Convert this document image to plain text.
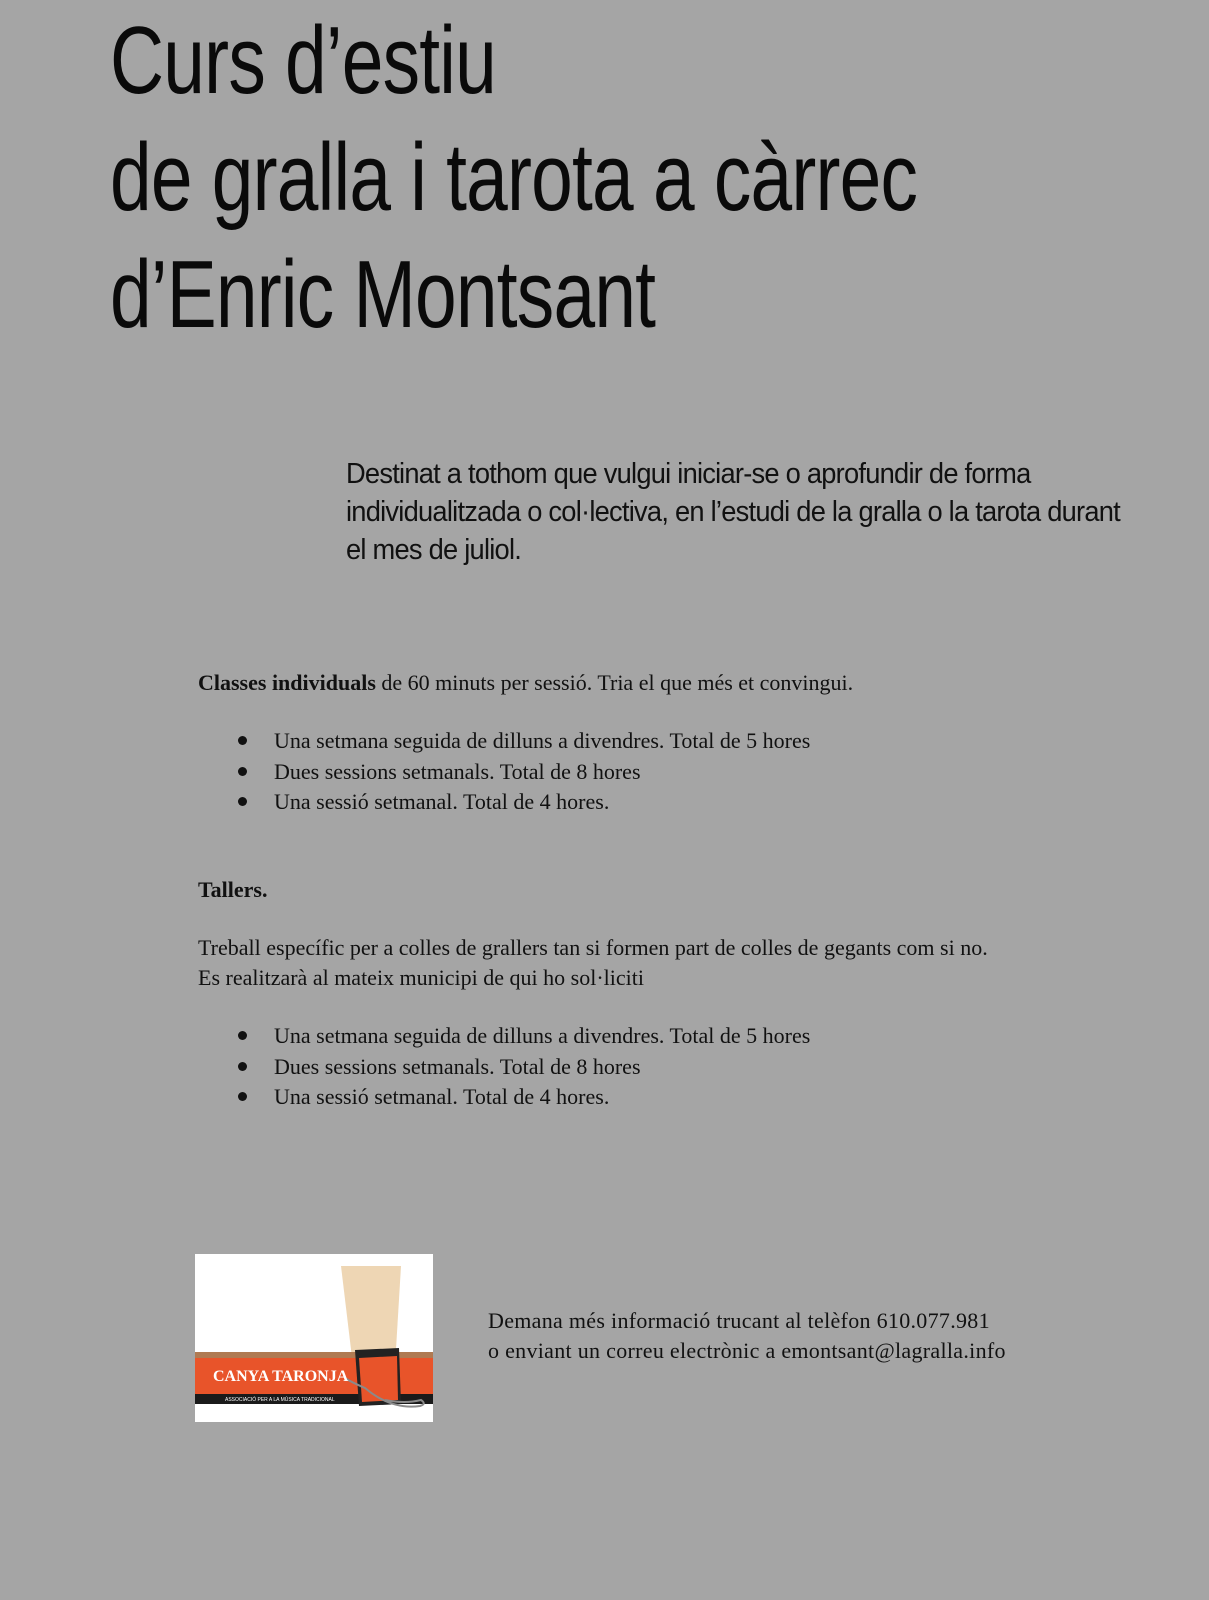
Curs d’estiu
de gralla i tarota a càrrec
d’Enric Montsant

Destinat a tothom que vulgui iniciar-se o aprofundir de forma individualitzada o col·lectiva, en l’estudi de la gralla o la tarota durant el mes de juliol.

Classes individuals de 60 minuts per sessió. Tria el que més et convingui.

Una setmana seguida de dilluns a divendres. Total de 5 hores
Dues sessions setmanals. Total de 8 hores
Una sessió setmanal. Total de 4 hores.

Tallers.

Treball específic per a colles de grallers tan si formen part de colles de gegants com si no.
Es realitzarà al mateix municipi de qui ho sol·liciti

Una setmana seguida de dilluns a divendres. Total de 5 hores
Dues sessions setmanals. Total de 8 hores
Una sessió setmanal. Total de 4 hores.
CANYA TARONJA
ASSOCIACIÓ PER A LA MÚSICA TRADICIONAL

Demana més informació trucant al telèfon 610.077.981
o enviant un correu electrònic a emontsant@lagralla.info
